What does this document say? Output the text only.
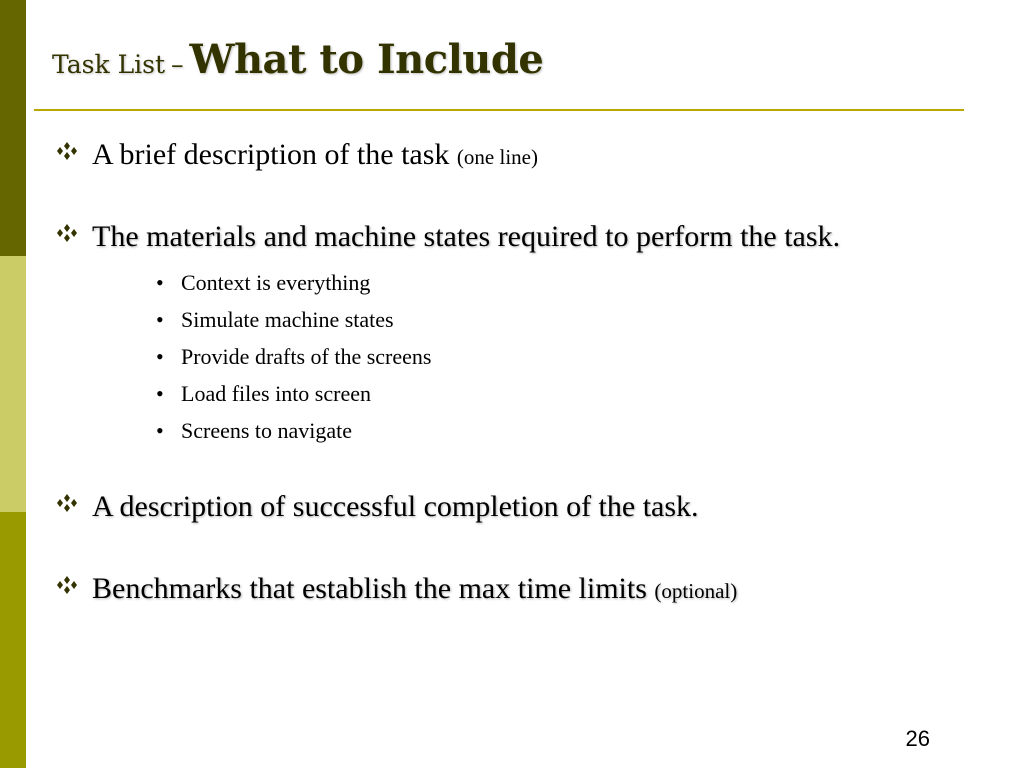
Task List – What to Include
A brief description of the task (one line)
The materials and machine states required to perform the task.
• Context is everything
• Simulate machine states
• Provide drafts of the screens
• Load files into screen
• Screens to navigate
A description of successful completion of the task.
Benchmarks that establish the max time limits (optional)
26
